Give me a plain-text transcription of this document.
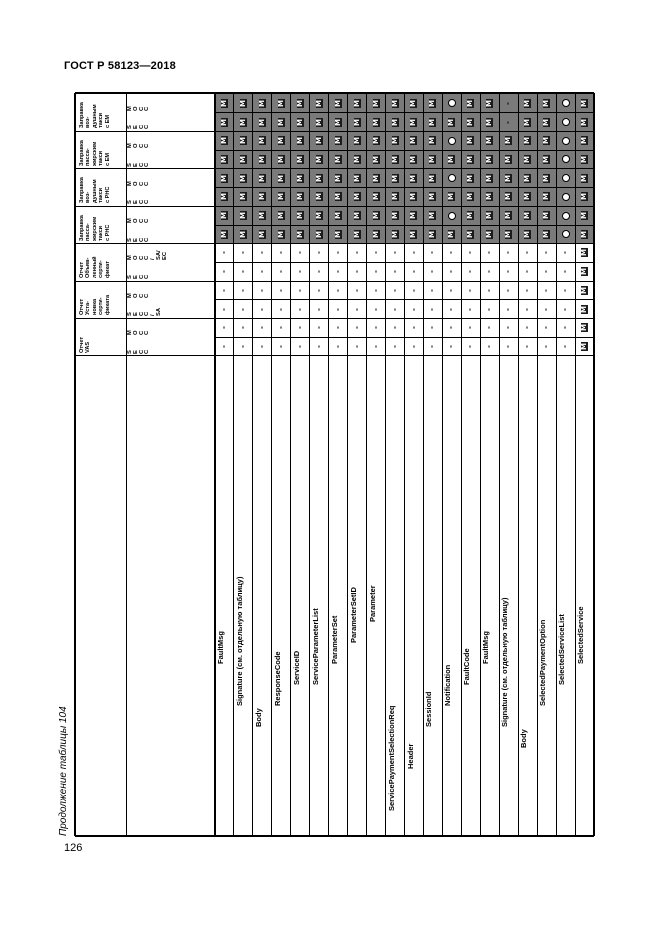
ГОСТ Р 58123—2018
126
Продолжение таблицы 104
Заправка
воз-
душным
такси
с ЕМ
M
O
C
C
S
E
C
C
Заправка
пасса-
жирским
такси
с ЕМ
M
O
C
C
S
E
C
C
Заправка
воз-
душным
такси
с РНС
M
O
C
C
S
E
C
C
Заправка
пасса-
жирским
такси
с РНС
M
O
C
C
S
E
C
C
Отчет
Объяв-
ленный
серти-
фикат
M
O
C
C
/
SA/
EC
S
E
C
C
Отчет
Уста-
новка
серти-
фиката
M
O
C
C
S
E
C
C
/
SA
Отчет
VAS
M
O
C
C
S
E
C
C
FaultMsg Signature (см. отдельную таблицу)
Body
ResponseCode ServiceID ServiceParameterList ParameterSet ParameterSetID Parameter
ServicePaymentSelectionReq Header
SessionId
Notification FaultCode
FaultMsg Signature (см. отдельную таблицу)
Body
SelectedPaymentOption SelectedServiceList SelectedService
M
M
M
M
M
M
M
M
-
-
-
-
-
-
M
M
M
M
M
M
M
M
-
-
-
-
-
-
M
M
M
M
M
M
M
M
-
-
-
-
-
-
M
M
M
M
M
M
M
M
-
-
-
-
-
-
M
M
M
M
M
M
M
M
-
-
-
-
-
-
M
M
M
M
M
M
M
M
-
-
-
-
-
-
M
M
M
M
M
M
M
M
-
-
-
-
-
-
M
M
M
M
M
M
M
M
-
-
-
-
-
-
M
M
M
M
M
M
M
M
-
-
-
-
-
-
M
M
M
M
M
M
M
M
-
-
-
-
-
-
M
M
M
M
M
M
M
M
-
-
-
-
-
-
M
M
M
M
M
M
M
M
-
-
-
-
-
-
M
M
M
M
-
-
-
-
-
-
M
M
M
M
M
M
M
M
-
-
-
-
-
-
M
M
M
M
M
M
M
M
-
-
-
-
-
-
-
-
M
M
M
M
M
M
-
-
-
-
-
-
M
M
M
M
M
M
M
M
-
-
-
-
-
-
M
M
M
M
M
M
M
M
-
-
-
-
-
-
-
-
-
-
-
-
M
M
M
M
M
M
M
M
M
M
M
M
M
M
